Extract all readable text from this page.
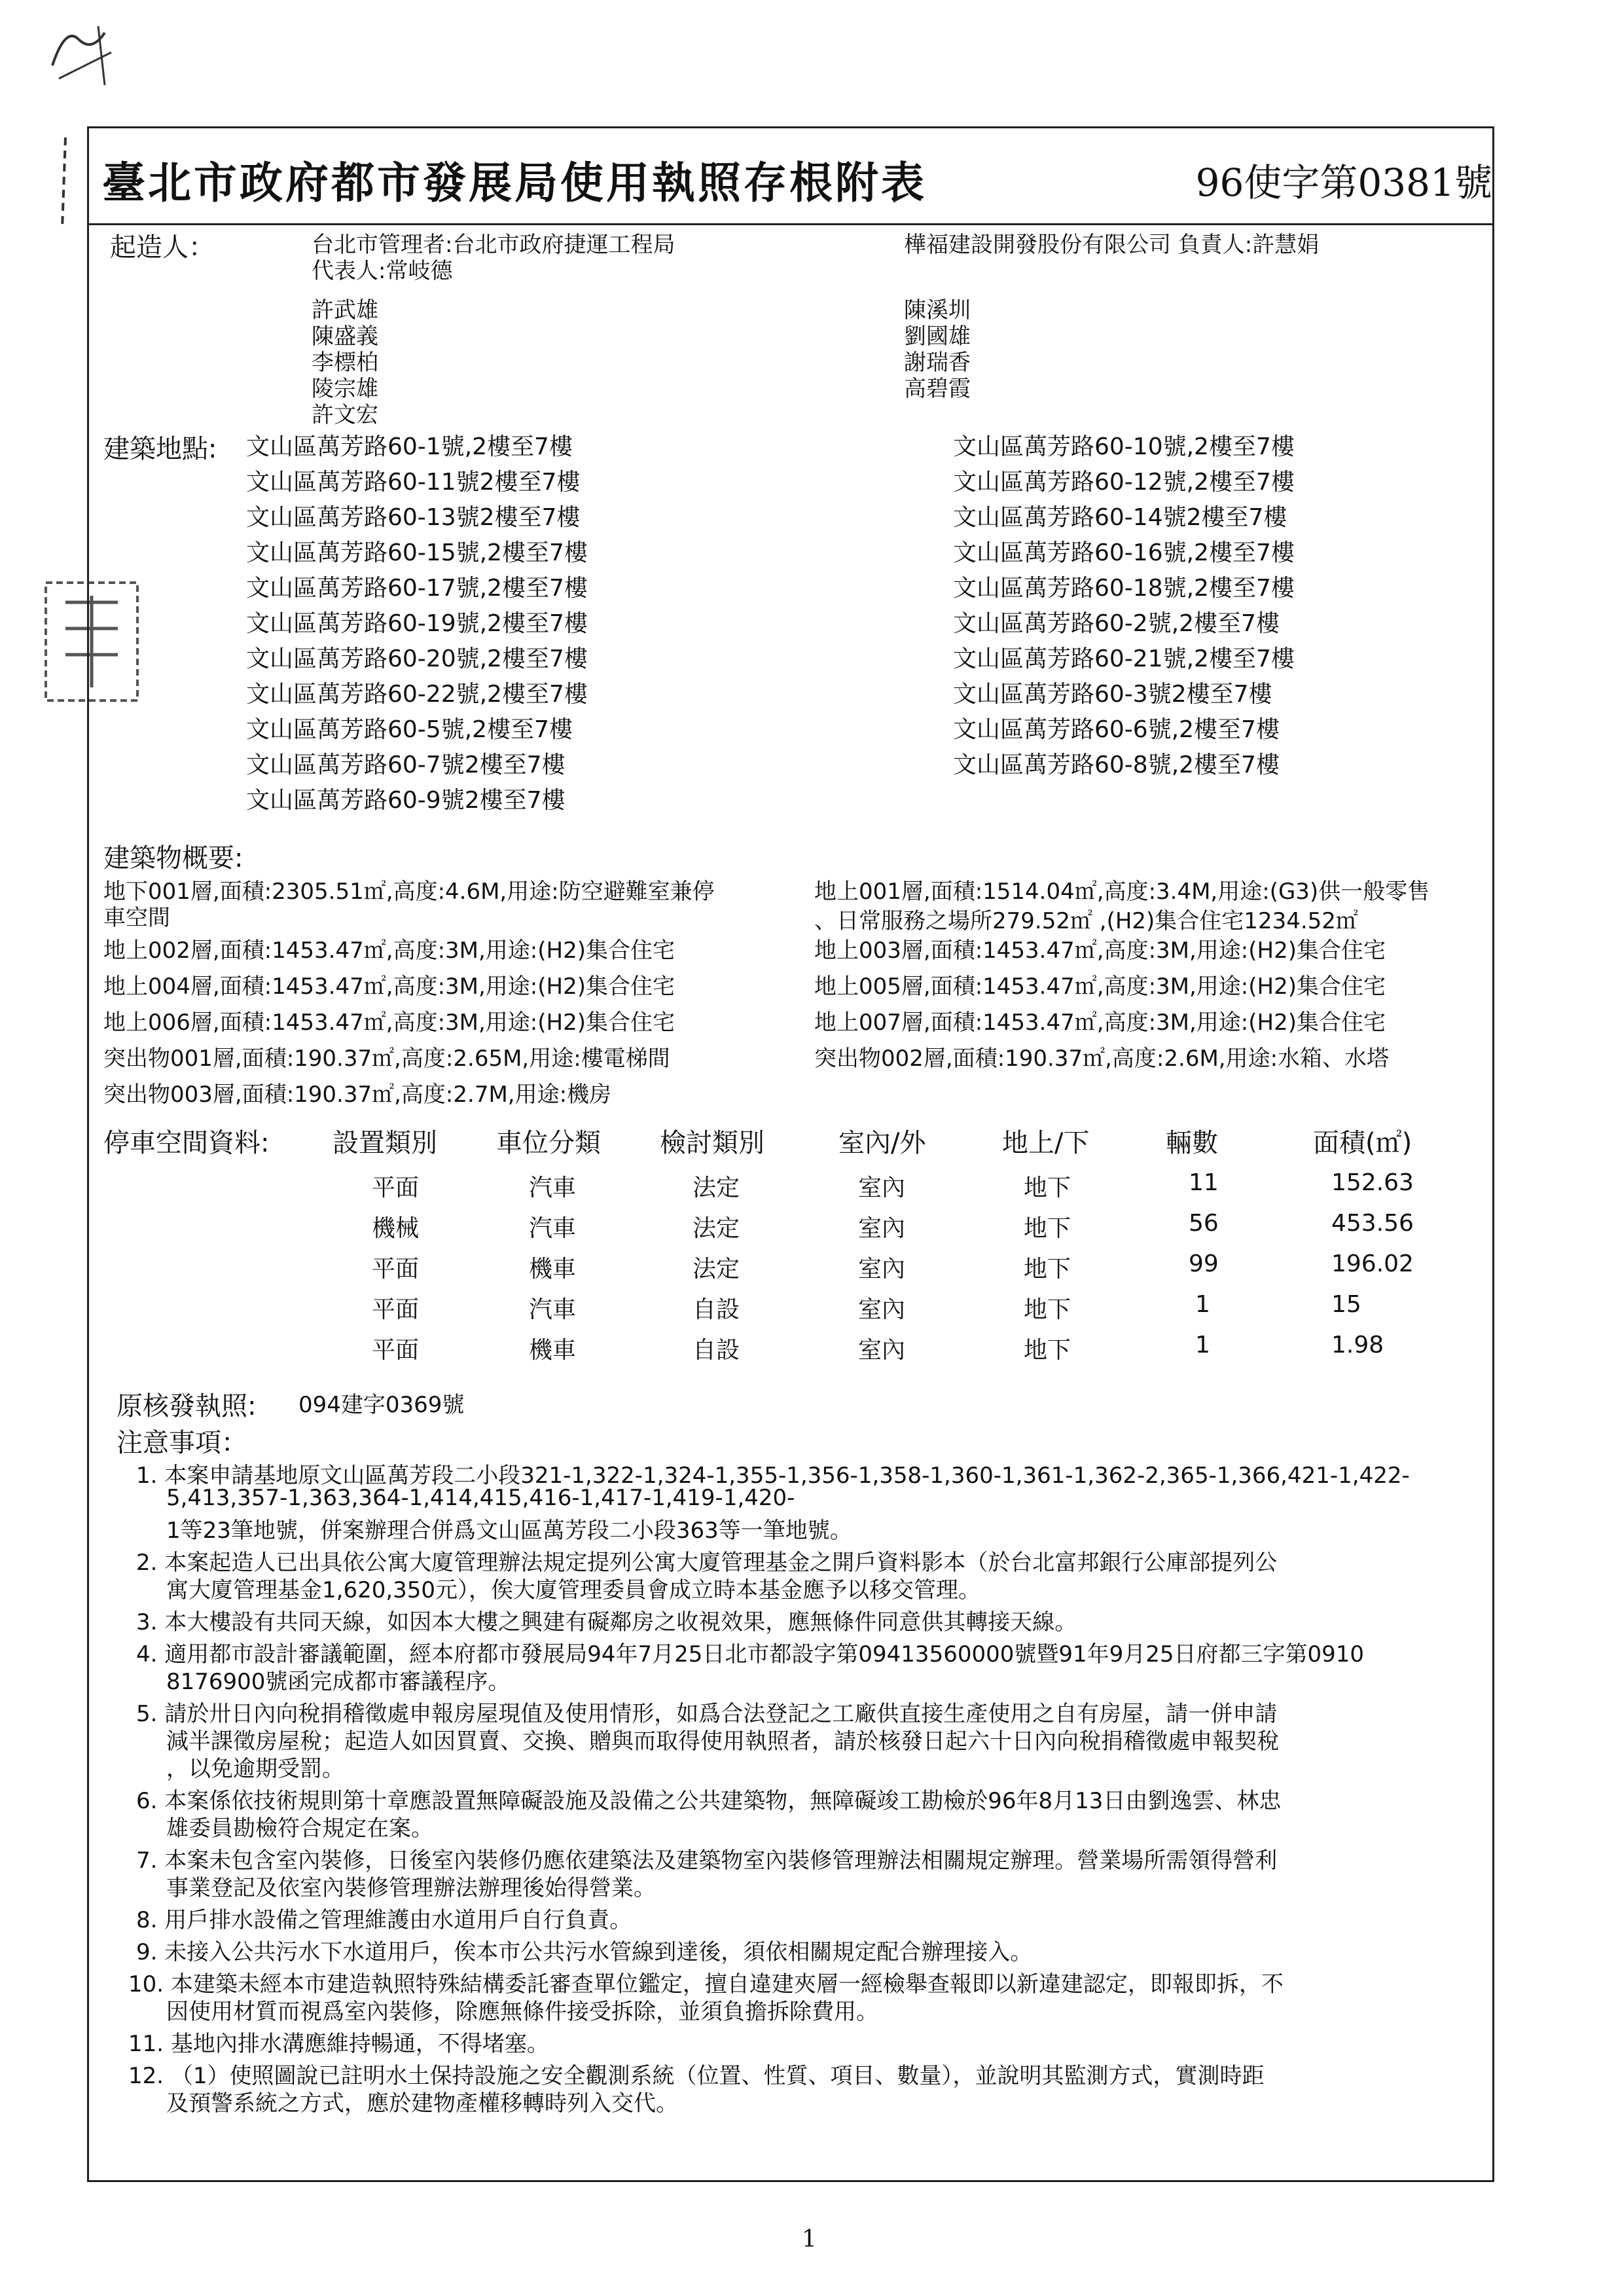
臺北市政府都市發展局使用執照存根附表	96使字第0381號
起造人：	台北市管理者:台北市政府捷運工程局
代表人:常岐德
許武雄
陳盛義
李標柏
陵宗雄
許文宏
樺福建設開發股份有限公司 負責人:許慧娟
陳溪圳
劉國雄
謝瑞香
高碧霞
建築地點: 文山區萬芳路60-1號,2樓至7樓
文山區萬芳路60-11號2樓至7樓
文山區萬芳路60-13號2樓至7樓
文山區萬芳路60-15號,2樓至7樓
文山區萬芳路60-17號,2樓至7樓
文山區萬芳路60-19號,2樓至7樓
文山區萬芳路60-20號,2樓至7樓
文山區萬芳路60-22號,2樓至7樓
文山區萬芳路60-5號,2樓至7樓
文山區萬芳路60-7號2樓至7樓
文山區萬芳路60-9號2樓至7樓
文山區萬芳路60-10號,2樓至7樓
文山區萬芳路60-12號,2樓至7樓
文山區萬芳路60-14號2樓至7樓
文山區萬芳路60-16號,2樓至7樓
文山區萬芳路60-18號,2樓至7樓
文山區萬芳路60-2號,2樓至7樓
文山區萬芳路60-21號,2樓至7樓
文山區萬芳路60-3號2樓至7樓
文山區萬芳路60-6號,2樓至7樓
文山區萬芳路60-8號,2樓至7樓
建築物概要:
地下001層,面積:2305.51㎡,高度:4.6M,用途:防空避難室兼停
車空間
地上002層,面積:1453.47㎡,高度:3M,用途:(H2)集合住宅
地上004層,面積:1453.47㎡,高度:3M,用途:(H2)集合住宅
地上006層,面積:1453.47㎡,高度:3M,用途:(H2)集合住宅
突出物001層,面積:190.37㎡,高度:2.65M,用途:樓電梯間
突出物003層,面積:190.37㎡,高度:2.7M,用途:機房
地上001層,面積:1514.04㎡,高度:3.4M,用途:(G3)供一般零售
、日常服務之場所279.52㎡ ,(H2)集合住宅1234.52㎡
地上003層,面積:1453.47㎡,高度:3M,用途:(H2)集合住宅
地上005層,面積:1453.47㎡,高度:3M,用途:(H2)集合住宅
地上007層,面積:1453.47㎡,高度:3M,用途:(H2)集合住宅
突出物002層,面積:190.37㎡,高度:2.6M,用途:水箱、水塔
停車空間資料: 設置類別 車位分類 檢討類別	室內/外	地上/下	輛數	面積(㎡)
平面	汽車	法定	室內	地下	11	152.63
機械	汽車	法定	室內	地下	56	453.56
平面	機車	法定	室內	地下	99	196.02
平面	汽車	自設	室內	地下	1	15
平面	機車	自設	室內	地下	1	1.98
原核發執照: 094建字0369號
注意事項：
1. 本案申請基地原文山區萬芳段二小段321-1,322-1,324-1,355-1,356-1,358-1,360-1,361-1,362-2,365-1,366,421-1,422-
5,413,357-1,363,364-1,414,415,416-1,417-1,419-1,420-
1等23筆地號，併案辦理合併爲文山區萬芳段二小段363等一筆地號。
2. 本案起造人已出具依公寓大廈管理辦法規定提列公寓大廈管理基金之開戶資料影本（於台北富邦銀行公庫部提列公
寓大廈管理基金1,620,350元），俟大廈管理委員會成立時本基金應予以移交管理。
3. 本大樓設有共同天線，如因本大樓之興建有礙鄰房之收視效果，應無條件同意供其轉接天線。
4. 適用都市設計審議範圍，經本府都市發展局94年7月25日北市都設字第09413560000號暨91年9月25日府都三字第0910
8176900號函完成都市審議程序。
5. 請於卅日內向稅捐稽徵處申報房屋現值及使用情形，如爲合法登記之工廠供直接生產使用之自有房屋，請一併申請
減半課徵房屋稅；起造人如因買賣、交換、贈與而取得使用執照者，請於核發日起六十日內向稅捐稽徵處申報契稅
，以免逾期受罰。
6. 本案係依技術規則第十章應設置無障礙設施及設備之公共建築物，無障礙竣工勘檢於96年8月13日由劉逸雲、林忠
雄委員勘檢符合規定在案。
7. 本案未包含室內裝修，日後室內裝修仍應依建築法及建築物室內裝修管理辦法相關規定辦理。營業場所需領得營利
事業登記及依室內裝修管理辦法辦理後始得營業。
8. 用戶排水設備之管理維護由水道用戶自行負責。
9. 未接入公共污水下水道用戶，俟本市公共污水管線到達後，須依相關規定配合辦理接入。
10. 本建築未經本市建造執照特殊結構委託審查單位鑑定，擅自違建夾層一經檢舉查報即以新違建認定，即報即拆，不
因使用材質而視爲室內裝修，除應無條件接受拆除，並須負擔拆除費用。
11. 基地內排水溝應維持暢通，不得堵塞。
12. （1）使照圖說已註明水土保持設施之安全觀測系統（位置、性質、項目、數量），並說明其監測方式，實測時距
及預警系統之方式，應於建物產權移轉時列入交代。
1
